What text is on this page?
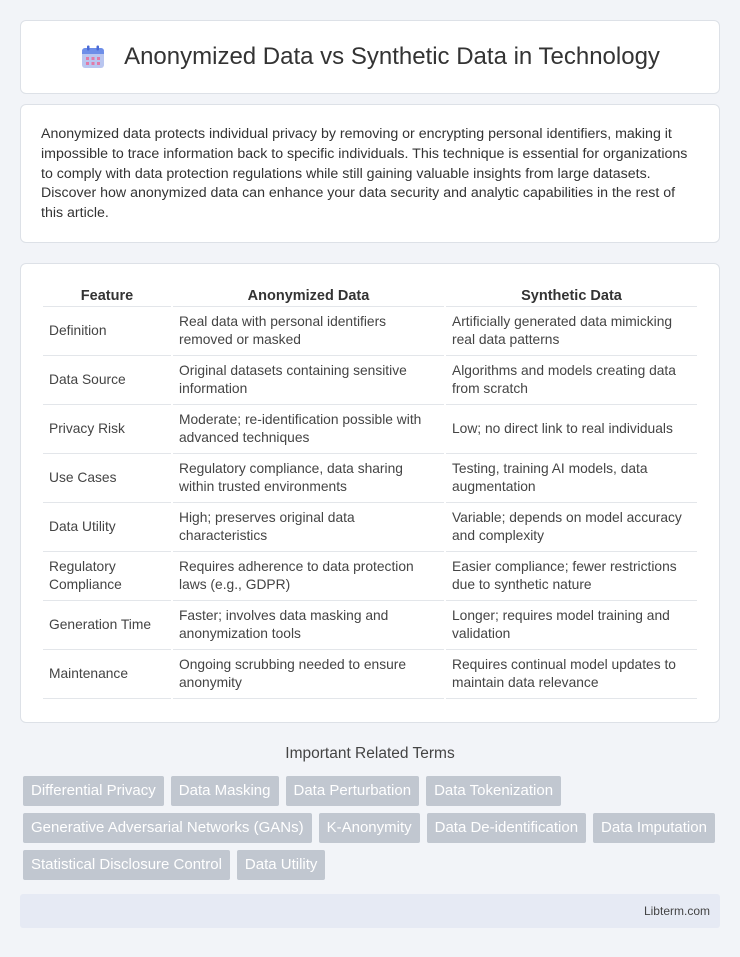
Anonymized Data vs Synthetic Data in Technology

Anonymized data protects individual privacy by removing or encrypting personal identifiers, making it impossible to trace information back to specific individuals. This technique is essential for organizations to comply with data protection regulations while still gaining valuable insights from large datasets. Discover how anonymized data can enhance your data security and analytic capabilities in the rest of this article.

Feature	Anonymized Data	Synthetic Data
Definition	Real data with personal identifiers removed or masked	Artificially generated data mimicking real data patterns
Data Source	Original datasets containing sensitive information	Algorithms and models creating data from scratch
Privacy Risk	Moderate; re-identification possible with advanced techniques	Low; no direct link to real individuals
Use Cases	Regulatory compliance, data sharing within trusted environments	Testing, training AI models, data augmentation
Data Utility	High; preserves original data characteristics	Variable; depends on model accuracy and complexity
Regulatory Compliance	Requires adherence to data protection laws (e.g., GDPR)	Easier compliance; fewer restrictions due to synthetic nature
Generation Time	Faster; involves data masking and anonymization tools	Longer; requires model training and validation
Maintenance	Ongoing scrubbing needed to ensure anonymity	Requires continual model updates to maintain data relevance
Important Related Terms
Differential Privacy	Data Masking	Data Perturbation	Data Tokenization
Generative Adversarial Networks (GANs)	K-Anonymity	Data De-identification	Data Imputation
Statistical Disclosure Control	Data Utility
Libterm.com
